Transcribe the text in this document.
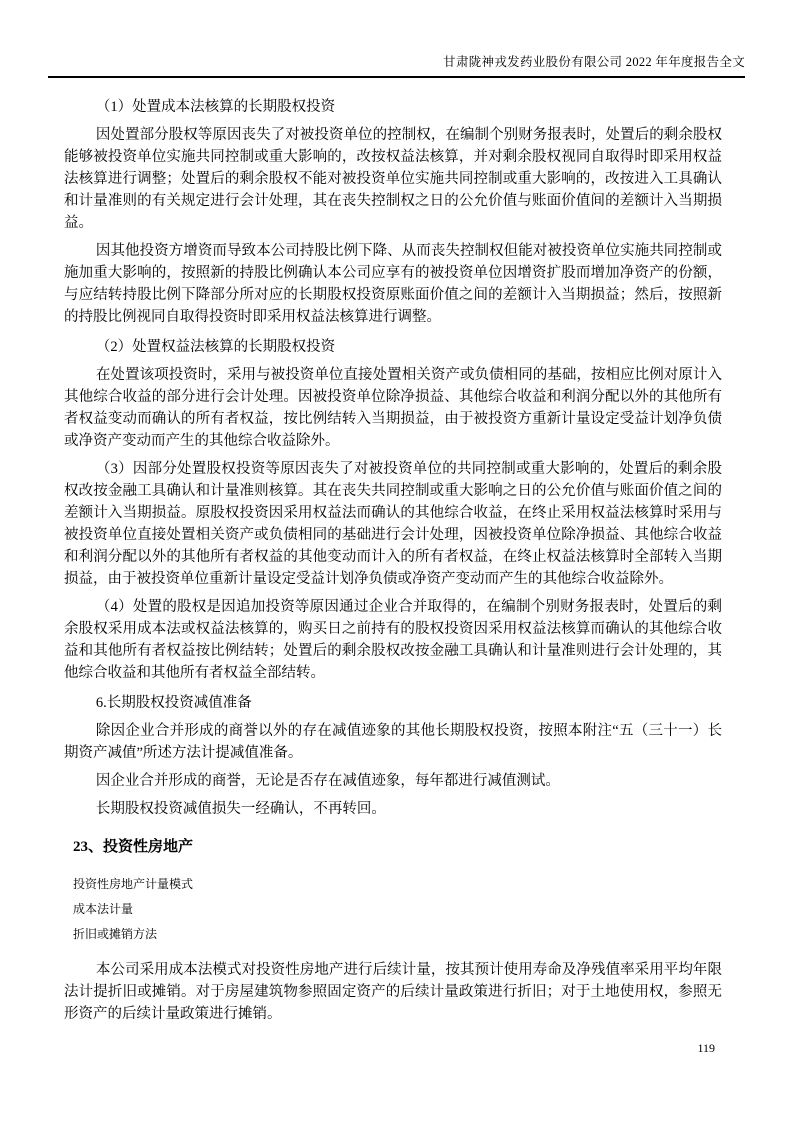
甘肃陇神戎发药业股份有限公司 2022 年年度报告全文

（1）处置成本法核算的长期股权投资

因处置部分股权等原因丧失了对被投资单位的控制权，在编制个别财务报表时，处置后的剩余股权能够被投资单位实施共同控制或重大影响的，改按权益法核算，并对剩余股权视同自取得时即采用权益法核算进行调整；处置后的剩余股权不能对被投资单位实施共同控制或重大影响的，改按进入工具确认和计量准则的有关规定进行会计处理，其在丧失控制权之日的公允价值与账面价值间的差额计入当期损益。

因其他投资方增资而导致本公司持股比例下降、从而丧失控制权但能对被投资单位实施共同控制或施加重大影响的，按照新的持股比例确认本公司应享有的被投资单位因增资扩股而增加净资产的份额，与应结转持股比例下降部分所对应的长期股权投资原账面价值之间的差额计入当期损益；然后，按照新的持股比例视同自取得投资时即采用权益法核算进行调整。

（2）处置权益法核算的长期股权投资

在处置该项投资时，采用与被投资单位直接处置相关资产或负债相同的基础，按相应比例对原计入其他综合收益的部分进行会计处理。因被投资单位除净损益、其他综合收益和利润分配以外的其他所有者权益变动而确认的所有者权益，按比例结转入当期损益，由于被投资方重新计量设定受益计划净负债或净资产变动而产生的其他综合收益除外。

（3）因部分处置股权投资等原因丧失了对被投资单位的共同控制或重大影响的，处置后的剩余股权改按金融工具确认和计量准则核算。其在丧失共同控制或重大影响之日的公允价值与账面价值之间的差额计入当期损益。原股权投资因采用权益法而确认的其他综合收益，在终止采用权益法核算时采用与被投资单位直接处置相关资产或负债相同的基础进行会计处理，因被投资单位除净损益、其他综合收益和利润分配以外的其他所有者权益的其他变动而计入的所有者权益，在终止权益法核算时全部转入当期损益，由于被投资单位重新计量设定受益计划净负债或净资产变动而产生的其他综合收益除外。

（4）处置的股权是因追加投资等原因通过企业合并取得的，在编制个别财务报表时，处置后的剩余股权采用成本法或权益法核算的，购买日之前持有的股权投资因采用权益法核算而确认的其他综合收益和其他所有者权益按比例结转；处置后的剩余股权改按金融工具确认和计量准则进行会计处理的，其他综合收益和其他所有者权益全部结转。

6.长期股权投资减值准备

除因企业合并形成的商誉以外的存在减值迹象的其他长期股权投资，按照本附注“五（三十一）长期资产减值”所述方法计提减值准备。

因企业合并形成的商誉，无论是否存在减值迹象，每年都进行减值测试。

长期股权投资减值损失一经确认，不再转回。

23、投资性房地产
投资性房地产计量模式
成本法计量
折旧或摊销方法

本公司采用成本法模式对投资性房地产进行后续计量，按其预计使用寿命及净残值率采用平均年限法计提折旧或摊销。对于房屋建筑物参照固定资产的后续计量政策进行折旧；对于土地使用权，参照无形资产的后续计量政策进行摊销。

119
